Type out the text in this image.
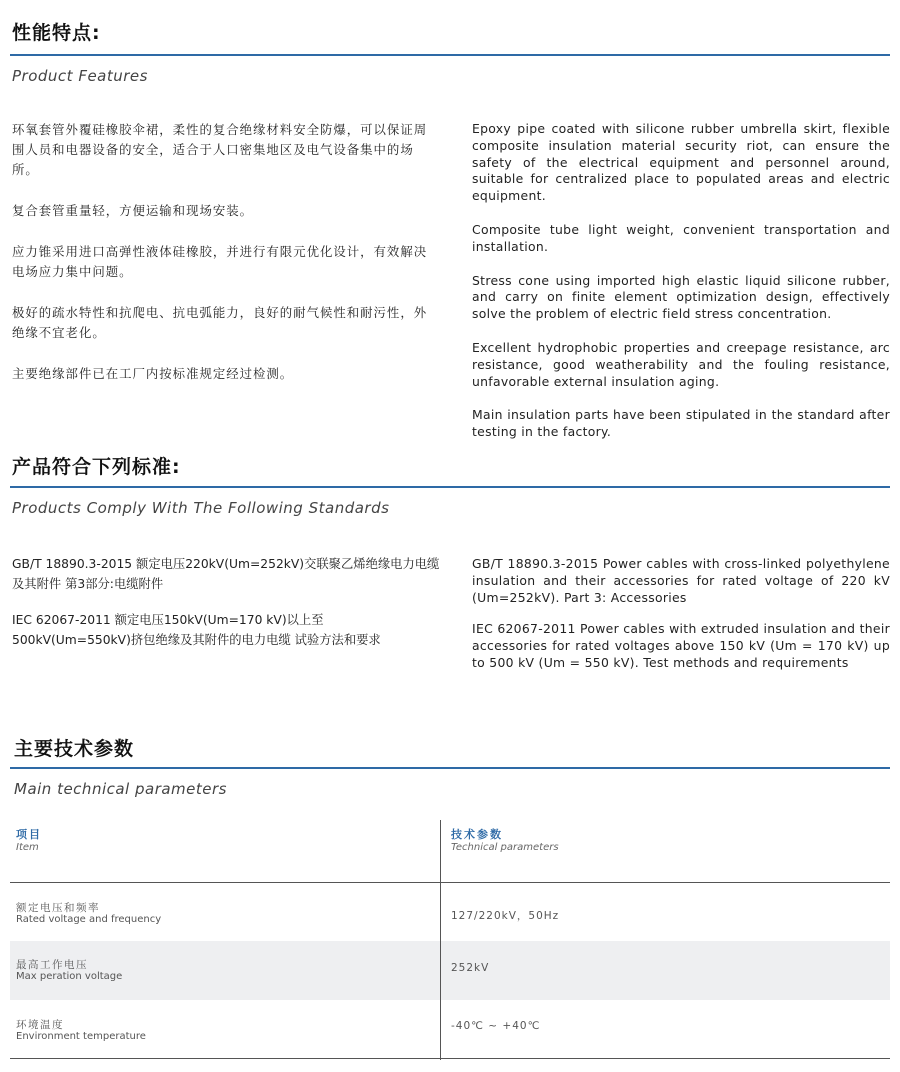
性能特点:
Product Features

环氧套管外覆硅橡胶伞裙，柔性的复合绝缘材料安全防爆，可以保证周围人员和电器设备的安全，适合于人口密集地区及电气设备集中的场所。

复合套管重量轻，方便运输和现场安装。

应力锥采用进口高弹性液体硅橡胶，并进行有限元优化设计，有效解决电场应力集中问题。

极好的疏水特性和抗爬电、抗电弧能力，良好的耐气候性和耐污性，外绝缘不宜老化。

主要绝缘部件已在工厂内按标准规定经过检测。

Epoxy pipe coated with silicone rubber umbrella skirt, flexible composite insulation material security riot, can ensure the safety of the electrical equipment and personnel around, suitable for centralized place to populated areas and electric equipment.

Composite tube light weight, convenient transportation and installation.

Stress cone using imported high elastic liquid silicone rubber, and carry on finite element optimization design, effectively solve the problem of electric field stress concentration.

Excellent hydrophobic properties and creepage resistance, arc resistance, good weatherability and the fouling resistance, unfavorable external insulation aging.

Main insulation parts have been stipulated in the standard after testing in the factory.

产品符合下列标准:
Products Comply With The Following Standards

GB/T 18890.3-2015 额定电压220kV(Um=252kV)交联聚乙烯绝缘电力电缆及其附件 第3部分:电缆附件

IEC 62067-2011 额定电压150kV(Um=170 kV)以上至500kV(Um=550kV)挤包绝缘及其附件的电力电缆 试验方法和要求

GB/T 18890.3-2015 Power cables with cross-linked polyethylene insulation and their accessories for rated voltage of 220 kV (Um=252kV). Part 3: Accessories

IEC 62067-2011 Power cables with extruded insulation and their accessories for rated voltages above 150 kV (Um = 170 kV) up to 500 kV (Um = 550 kV). Test methods and requirements

主要技术参数
Main technical parameters
项目
Item
技术参数
Technical parameters
额定电压和频率
Rated voltage and frequency	127/220kV，50Hz
最高工作电压
Max peration voltage
252kV
环境温度
Environment temperature
-40℃ ~ +40℃
